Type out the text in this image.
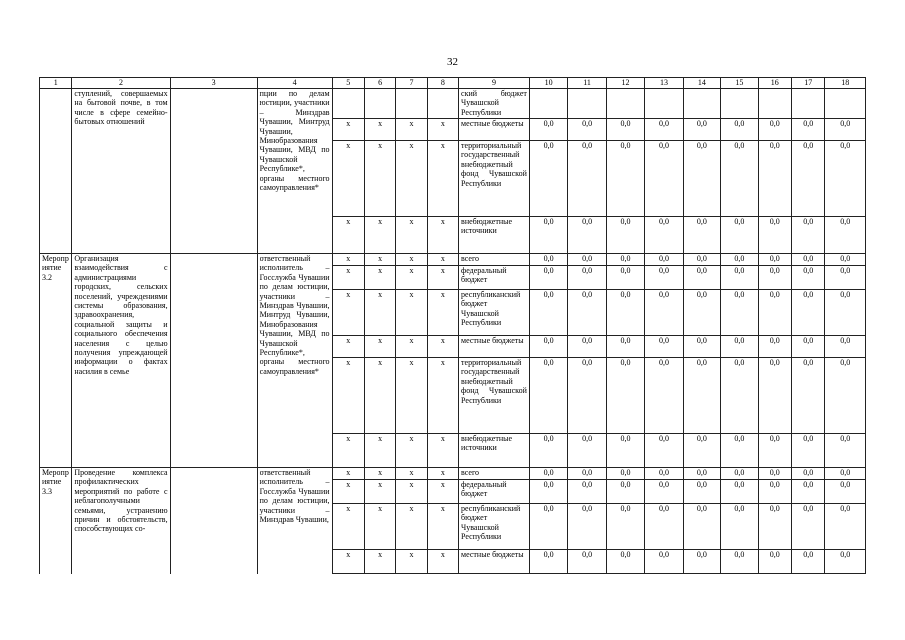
32
1	2	3	4	5	6	7	8	9	10	11	12	13	14	15	16	17	18
	ступлений, совершаемых на бытовой почве, в том числе в сфере семейно-бытовых отношений		пции по делам юстиции, участники – Минздрав Чувашии, Минтруд Чувашии, Минобразования Чувашии, МВД по Чувашской Республике*, органы местного самоуправления*					ский бюджет Чувашской Республики									
				х	х	х	х	местные бюджеты	0,0	0,0	0,0	0,0	0,0	0,0	0,0	0,0	0,0
				х	х	х	х	территориальный государственный внебюджетный фонд Чувашской Республики	0,0	0,0	0,0	0,0	0,0	0,0	0,0	0,0	0,0
				х	х	х	х	внебюджетные источники	0,0	0,0	0,0	0,0	0,0	0,0	0,0	0,0	0,0
Мероприятие 3.2	Организация взаимодействия с администрациями городских, сельских поселений, учреждениями системы образования, здравоохранения, социальной защиты и социального обеспечения населения с целью получения упреждающей информации о фактах насилия в семье		ответственный исполнитель – Госслужба Чувашии по делам юстиции, участники – Минздрав Чувашии, Минтруд Чувашии, Минобразования Чувашии, МВД по Чувашской Республике*, органы местного самоуправления*	х	х	х	х	всего	0,0	0,0	0,0	0,0	0,0	0,0	0,0	0,0	0,0
				х	х	х	х	федеральный бюджет	0,0	0,0	0,0	0,0	0,0	0,0	0,0	0,0	0,0
				х	х	х	х	республиканский бюджет Чувашской Республики	0,0	0,0	0,0	0,0	0,0	0,0	0,0	0,0	0,0
				х	х	х	х	местные бюджеты	0,0	0,0	0,0	0,0	0,0	0,0	0,0	0,0	0,0
				х	х	х	х	территориальный государственный внебюджетный фонд Чувашской Республики	0,0	0,0	0,0	0,0	0,0	0,0	0,0	0,0	0,0
				х	х	х	х	внебюджетные источники	0,0	0,0	0,0	0,0	0,0	0,0	0,0	0,0	0,0
Мероприятие 3.3	Проведение комплекса профилактических мероприятий по работе с неблагополучными семьями, устранению причин и обстоятельств, способствующих со-		ответственный исполнитель – Госслужба Чувашии по делам юстиции, участники – Минздрав Чувашии,	х	х	х	х	всего	0,0	0,0	0,0	0,0	0,0	0,0	0,0	0,0	0,0
				х	х	х	х	федеральный бюджет	0,0	0,0	0,0	0,0	0,0	0,0	0,0	0,0	0,0
				х	х	х	х	республиканский бюджет Чувашской Республики	0,0	0,0	0,0	0,0	0,0	0,0	0,0	0,0	0,0
				х	х	х	х	местные бюджеты	0,0	0,0	0,0	0,0	0,0	0,0	0,0	0,0	0,0
